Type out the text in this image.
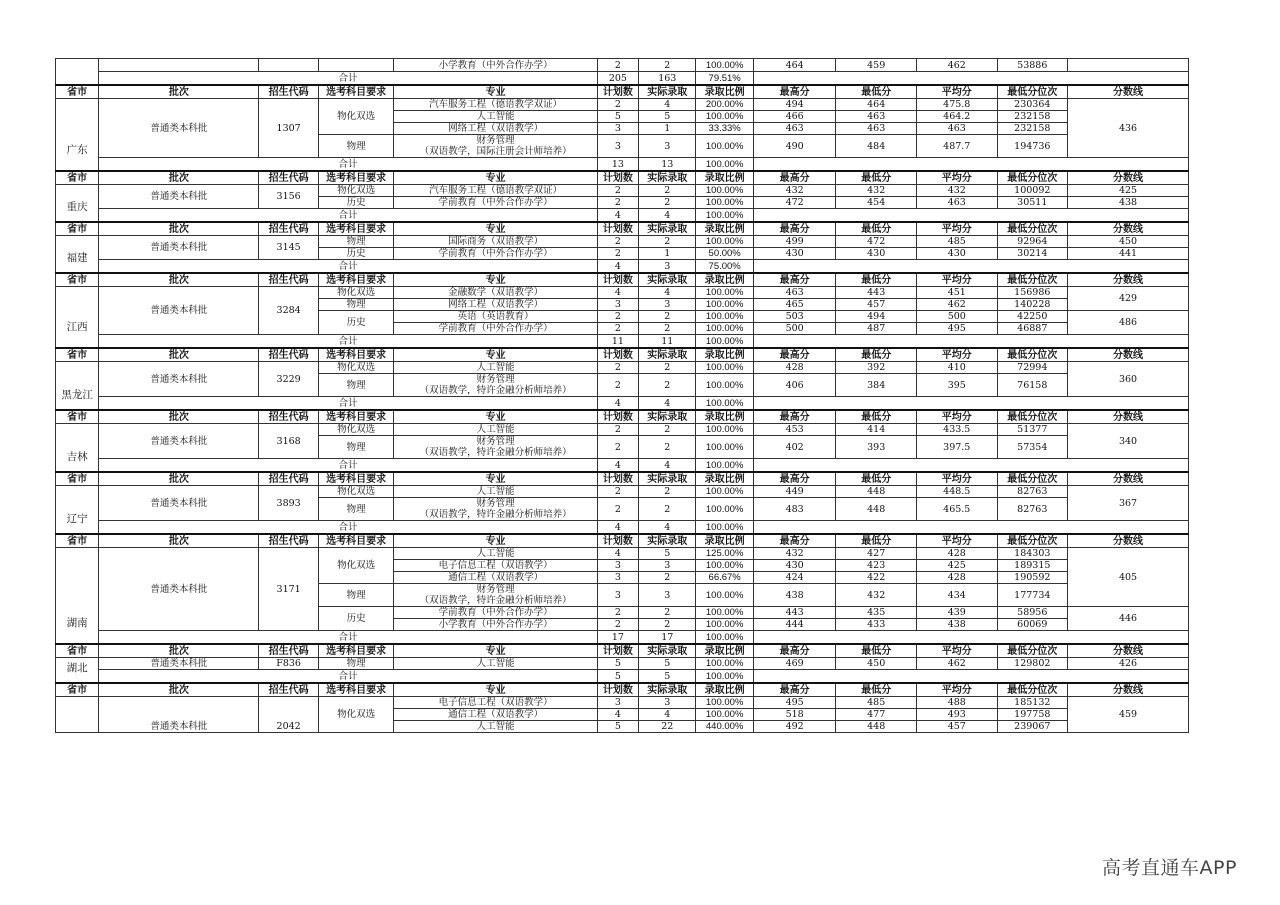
				小学教育（中外合作办学）	2	2	100.00%	464	459	462	53886	
	合计				205	163	79.51%					
省市	批次	招生代码	选考科目要求	专业	计划数	实际录取	录取比例	最高分	最低分	平均分	最低分位次	分数线
广东	普通类本科批	1307	物化双选	汽车服务工程（德语教学双证）	2	4	200.00%	494	464	475.8	230364	436
				人工智能	5	5	100.00%	466	463	464.2	232158	
				网络工程（双语教学）	3	1	33.33%	463	463	463	232158	
			物理	财务管理
（双语教学，国际注册会计师培养）	3	3	100.00%	490	484	487.7	194736	
	合计				13	13	100.00%					
省市	批次	招生代码	选考科目要求	专业	计划数	实际录取	录取比例	最高分	最低分	平均分	最低分位次	分数线
重庆	普通类本科批	3156	物化双选	汽车服务工程（德语教学双证）	2	2	100.00%	432	432	432	100092	425
			历史	学前教育（中外合作办学）	2	2	100.00%	472	454	463	30511	438
	合计				4	4	100.00%					
省市	批次	招生代码	选考科目要求	专业	计划数	实际录取	录取比例	最高分	最低分	平均分	最低分位次	分数线
福建	普通类本科批	3145	物理	国际商务（双语教学）	2	2	100.00%	499	472	485	92964	450
			历史	学前教育（中外合作办学）	2	1	50.00%	430	430	430	30214	441
	合计				4	3	75.00%					
省市	批次	招生代码	选考科目要求	专业	计划数	实际录取	录取比例	最高分	最低分	平均分	最低分位次	分数线
江西	普通类本科批	3284	物化双选	金融数学（双语教学）	4	4	100.00%	463	443	451	156986	429
			物理	网络工程（双语教学）	3	3	100.00%	465	457	462	140228	
			历史	英语（英语教育）	2	2	100.00%	503	494	500	42250	486
				学前教育（中外合作办学）	2	2	100.00%	500	487	495	46887	
	合计				11	11	100.00%					
省市	批次	招生代码	选考科目要求	专业	计划数	实际录取	录取比例	最高分	最低分	平均分	最低分位次	分数线
黑龙江	普通类本科批	3229	物化双选	人工智能	2	2	100.00%	428	392	410	72994	360
			物理	财务管理
（双语教学，特许金融分析师培养）	2	2	100.00%	406	384	395	76158	
	合计				4	4	100.00%					
省市	批次	招生代码	选考科目要求	专业	计划数	实际录取	录取比例	最高分	最低分	平均分	最低分位次	分数线
吉林	普通类本科批	3168	物化双选	人工智能	2	2	100.00%	453	414	433.5	51377	340
			物理	财务管理
（双语教学，特许金融分析师培养）	2	2	100.00%	402	393	397.5	57354	
	合计				4	4	100.00%					
省市	批次	招生代码	选考科目要求	专业	计划数	实际录取	录取比例	最高分	最低分	平均分	最低分位次	分数线
辽宁	普通类本科批	3893	物化双选	人工智能	2	2	100.00%	449	448	448.5	82763	367
			物理	财务管理
（双语教学，特许金融分析师培养）	2	2	100.00%	483	448	465.5	82763	
	合计				4	4	100.00%					
省市	批次	招生代码	选考科目要求	专业	计划数	实际录取	录取比例	最高分	最低分	平均分	最低分位次	分数线
湖南	普通类本科批	3171	物化双选	人工智能	4	5	125.00%	432	427	428	184303	405
				电子信息工程（双语教学）	3	3	100.00%	430	423	425	189315	
				通信工程（双语教学）	3	2	66.67%	424	422	428	190592	
			物理	财务管理
（双语教学，特许金融分析师培养）	3	3	100.00%	438	432	434	177734	
			历史	学前教育（中外合作办学）	2	2	100.00%	443	435	439	58956	446
				小学教育（中外合作办学）	2	2	100.00%	444	433	438	60069	
	合计				17	17	100.00%					
省市	批次	招生代码	选考科目要求	专业	计划数	实际录取	录取比例	最高分	最低分	平均分	最低分位次	分数线
湖北	普通类本科批	F836	物理	人工智能	5	5	100.00%	469	450	462	129802	426
	合计				5	5	100.00%					
省市	批次	招生代码	选考科目要求	专业	计划数	实际录取	录取比例	最高分	最低分	平均分	最低分位次	分数线
	普通类本科批	2042	物化双选	电子信息工程（双语教学）	3	3	100.00%	495	485	488	185132	459
				通信工程（双语教学）	4	4	100.00%	518	477	493	197758	
				人工智能	5	22	440.00%	492	448	457	239067	
高考直通车APP
